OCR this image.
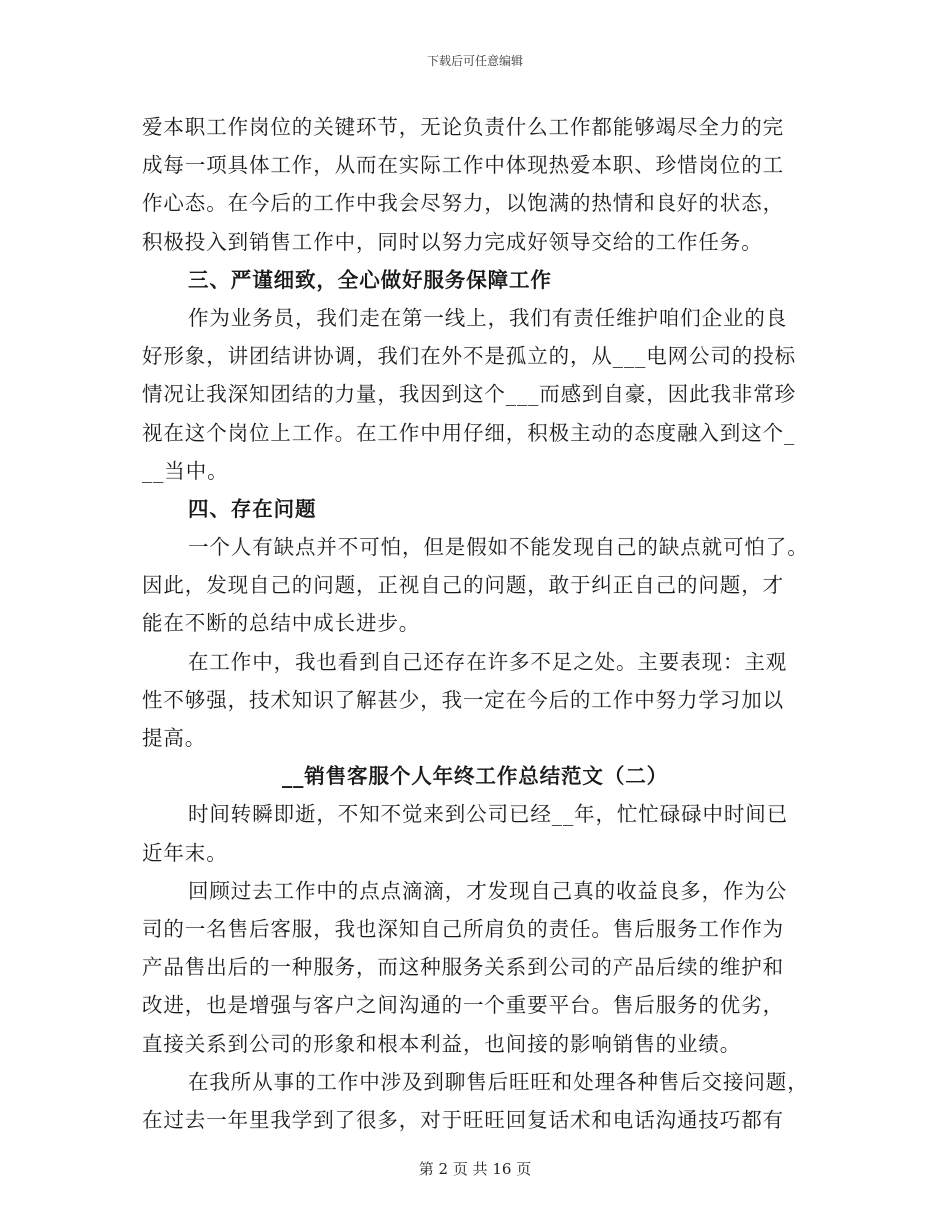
下载后可任意编辑
爱本职工作岗位的关键环节，无论负责什么工作都能够竭尽全力的完
成每一项具体工作，从而在实际工作中体现热爱本职、珍惜岗位的工
作心态。在今后的工作中我会尽努力，以饱满的热情和良好的状态，
积极投入到销售工作中，同时以努力完成好领导交给的工作任务。
三、严谨细致，全心做好服务保障工作
作为业务员，我们走在第一线上，我们有责任维护咱们企业的良
好形象，讲团结讲协调，我们在外不是孤立的，从___电网公司的投标
情况让我深知团结的力量，我因到这个___而感到自豪，因此我非常珍
视在这个岗位上工作。在工作中用仔细，积极主动的态度融入到这个_
__当中。
四、存在问题
一个人有缺点并不可怕，但是假如不能发现自己的缺点就可怕了。
因此，发现自己的问题，正视自己的问题，敢于纠正自己的问题，才
能在不断的总结中成长进步。
在工作中，我也看到自己还存在许多不足之处。主要表现：主观
性不够强，技术知识了解甚少，我一定在今后的工作中努力学习加以
提高。
__销售客服个人年终工作总结范文（二）
时间转瞬即逝，不知不觉来到公司已经__年，忙忙碌碌中时间已
近年末。
回顾过去工作中的点点滴滴，才发现自己真的收益良多，作为公
司的一名售后客服，我也深知自己所肩负的责任。售后服务工作作为
产品售出后的一种服务，而这种服务关系到公司的产品后续的维护和
改进，也是增强与客户之间沟通的一个重要平台。售后服务的优劣，
直接关系到公司的形象和根本利益，也间接的影响销售的业绩。
在我所从事的工作中涉及到聊售后旺旺和处理各种售后交接问题，
在过去一年里我学到了很多，对于旺旺回复话术和电话沟通技巧都有
第 2 页 共 16 页
